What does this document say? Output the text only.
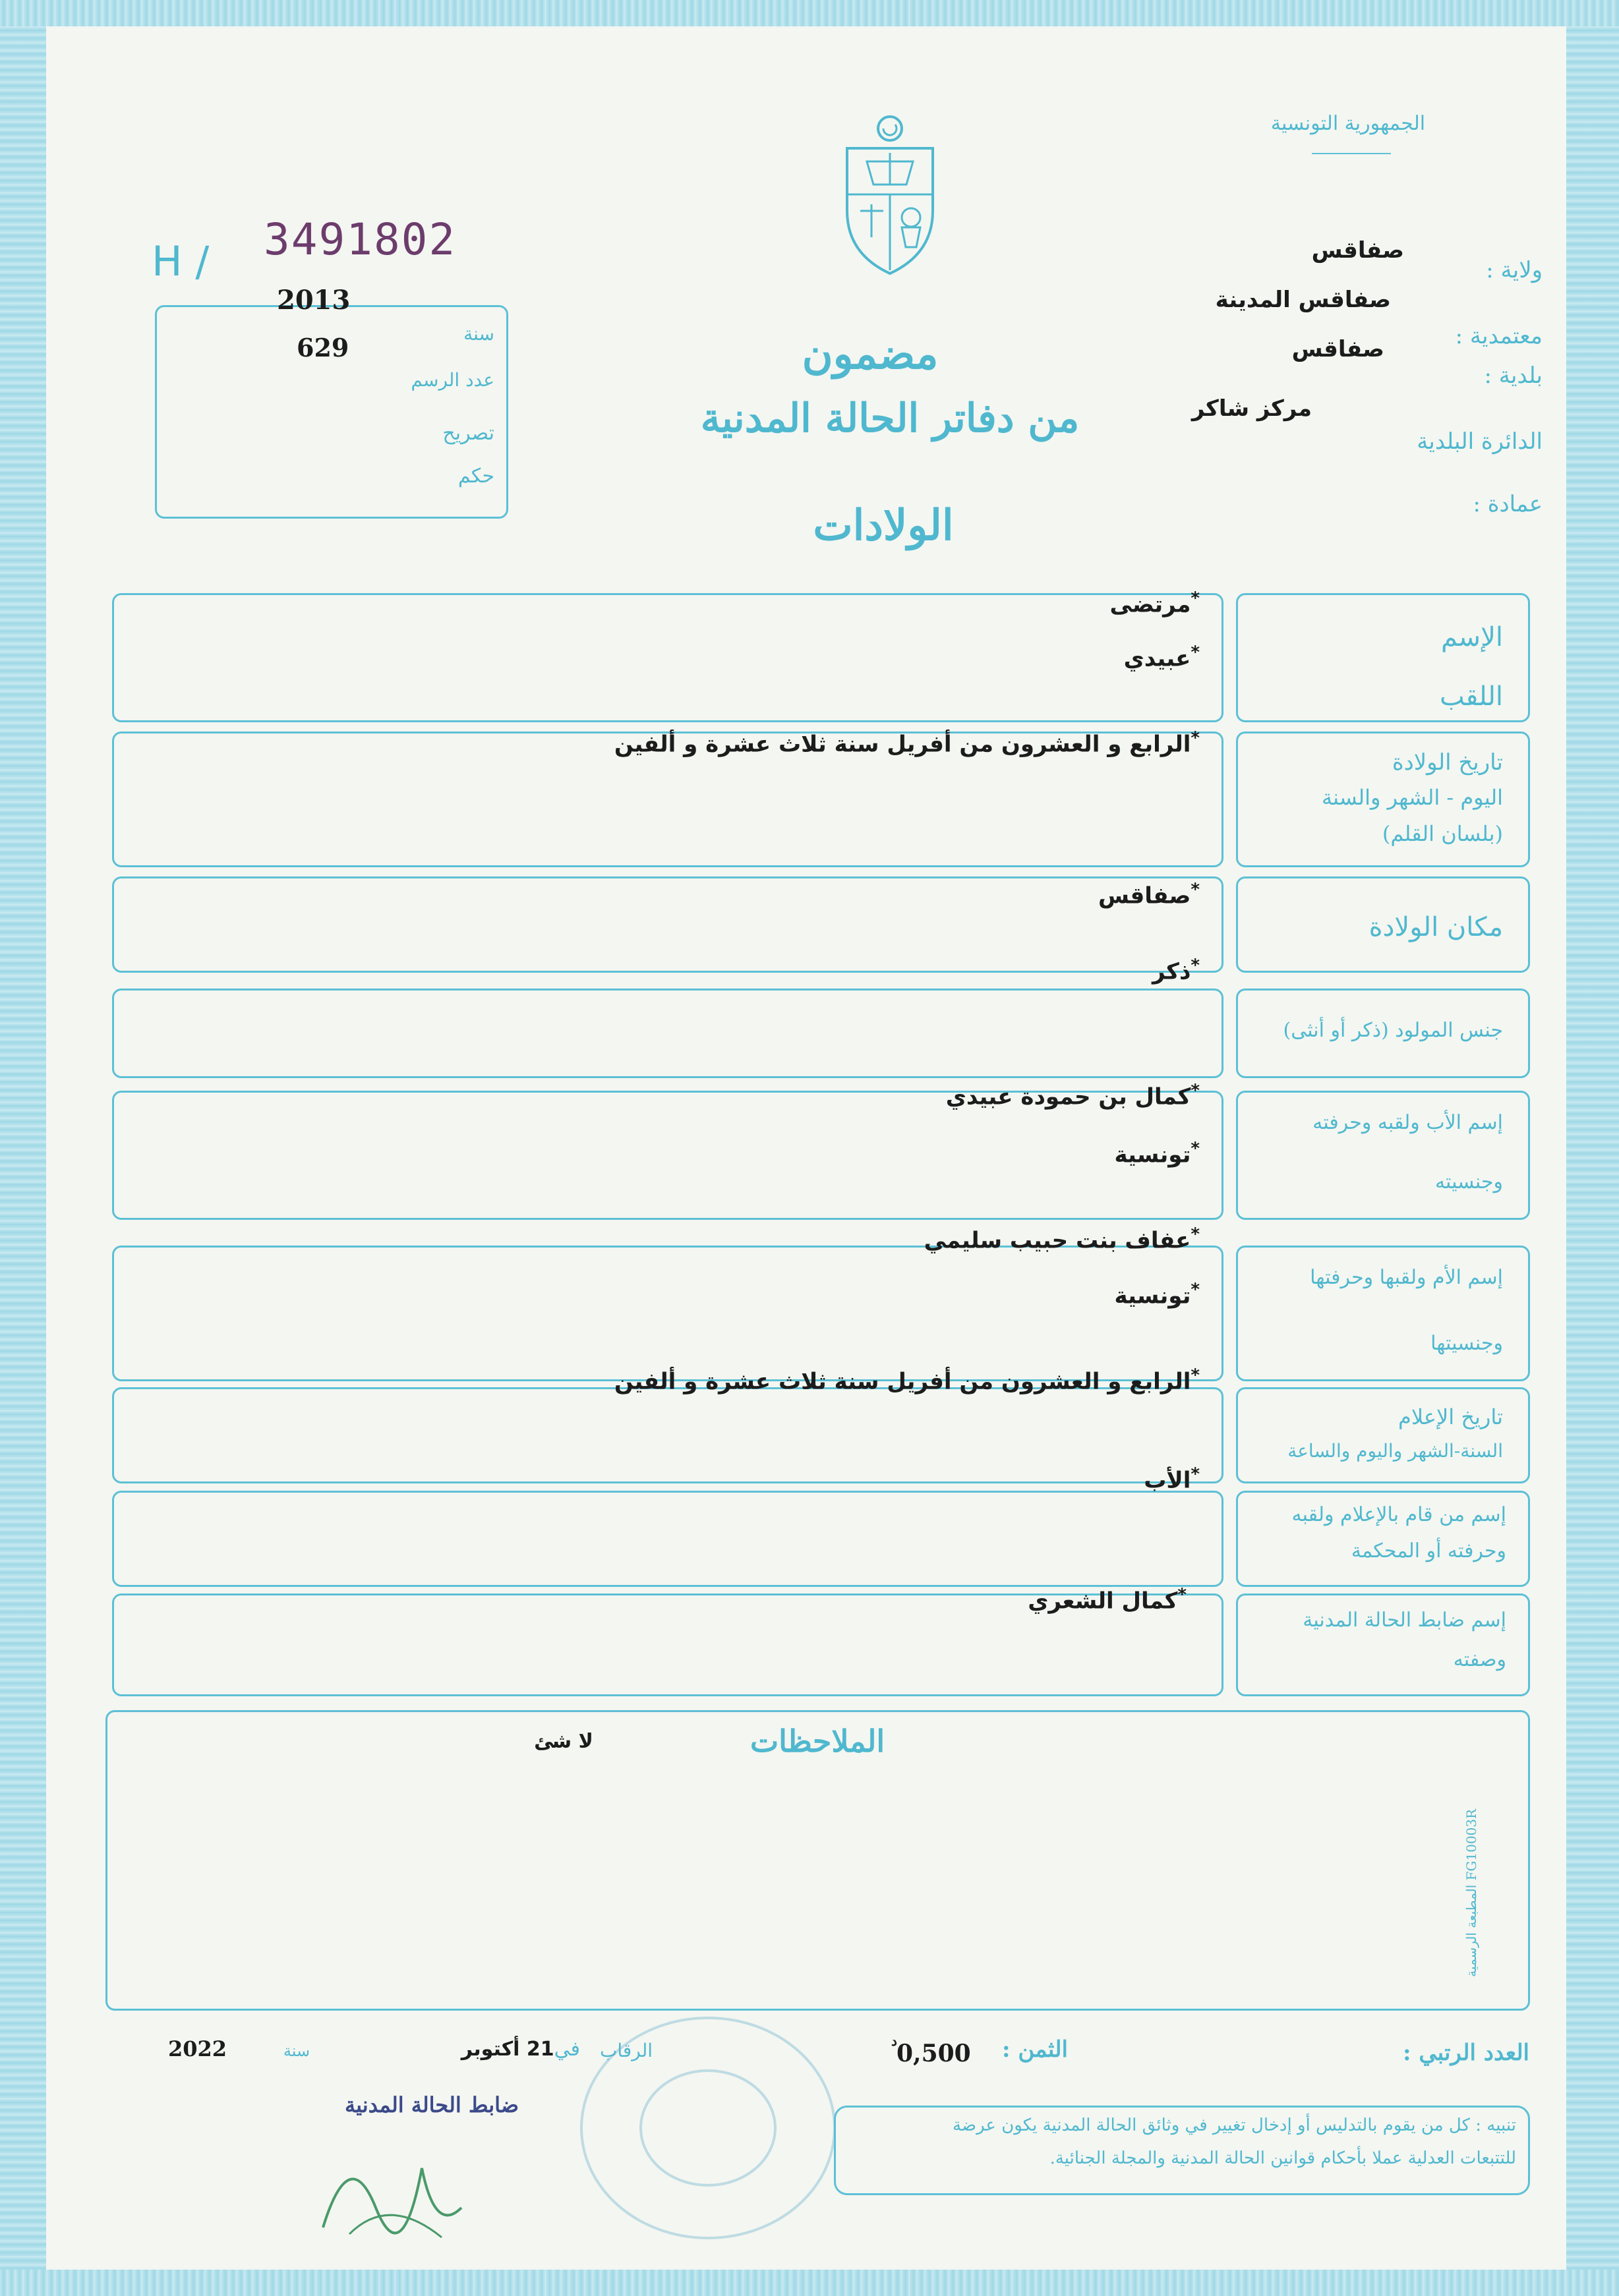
الجمهورية التونسية
H / 3491802
2013
629	سنة
عدد الرسم
تصريح
حكم
ولاية :
صفاقس
معتمدية :
صفاقس المدينة
بلدية :
صفاقس
الدائرة البلدية
مركز شاكر
عمادة :
مضمون
من دفاتر الحالة المدنية
الولادات
الإسم
اللقب
*مرتضى
*عبيدي
تاريخ الولادة
اليوم - الشهر والسنة
(بلسان القلم)
*الرابع و العشرون من أفريل سنة ثلاث عشرة و ألفين
مكان الولادة
*صفاقس
جنس المولود (ذكر أو أنثى)
*ذكر
إسم الأب ولقبه وحرفته
وجنسيته
*كمال بن حمودة عبيدي
*تونسية
إسم الأم ولقبها وحرفتها
وجنسيتها
*عفاف بنت حبيب سليمي
*تونسية
تاريخ الإعلام
السنة-الشهر واليوم والساعة
*الرابع و العشرون من أفريل سنة ثلاث عشرة و ألفين
إسم من قام بالإعلام ولقبه
وحرفته أو المحكمة
*الأب
إسم ضابط الحالة المدنية
وصفته
*كمال الشعري
الملاحظات
لا شئ
المطبعة الرسمية FG10003R
العدد الرتبي :
الثمن :
0,500
د
الرقاب
في21 أكتوبر
سنة
2022
ضابط الحالة المدنية
تنبيه : كل من يقوم بالتدليس أو إدخال تغيير في وثائق الحالة المدنية يكون عرضة
للتتبعات العدلية عملا بأحكام قوانين الحالة المدنية والمجلة الجنائية.
